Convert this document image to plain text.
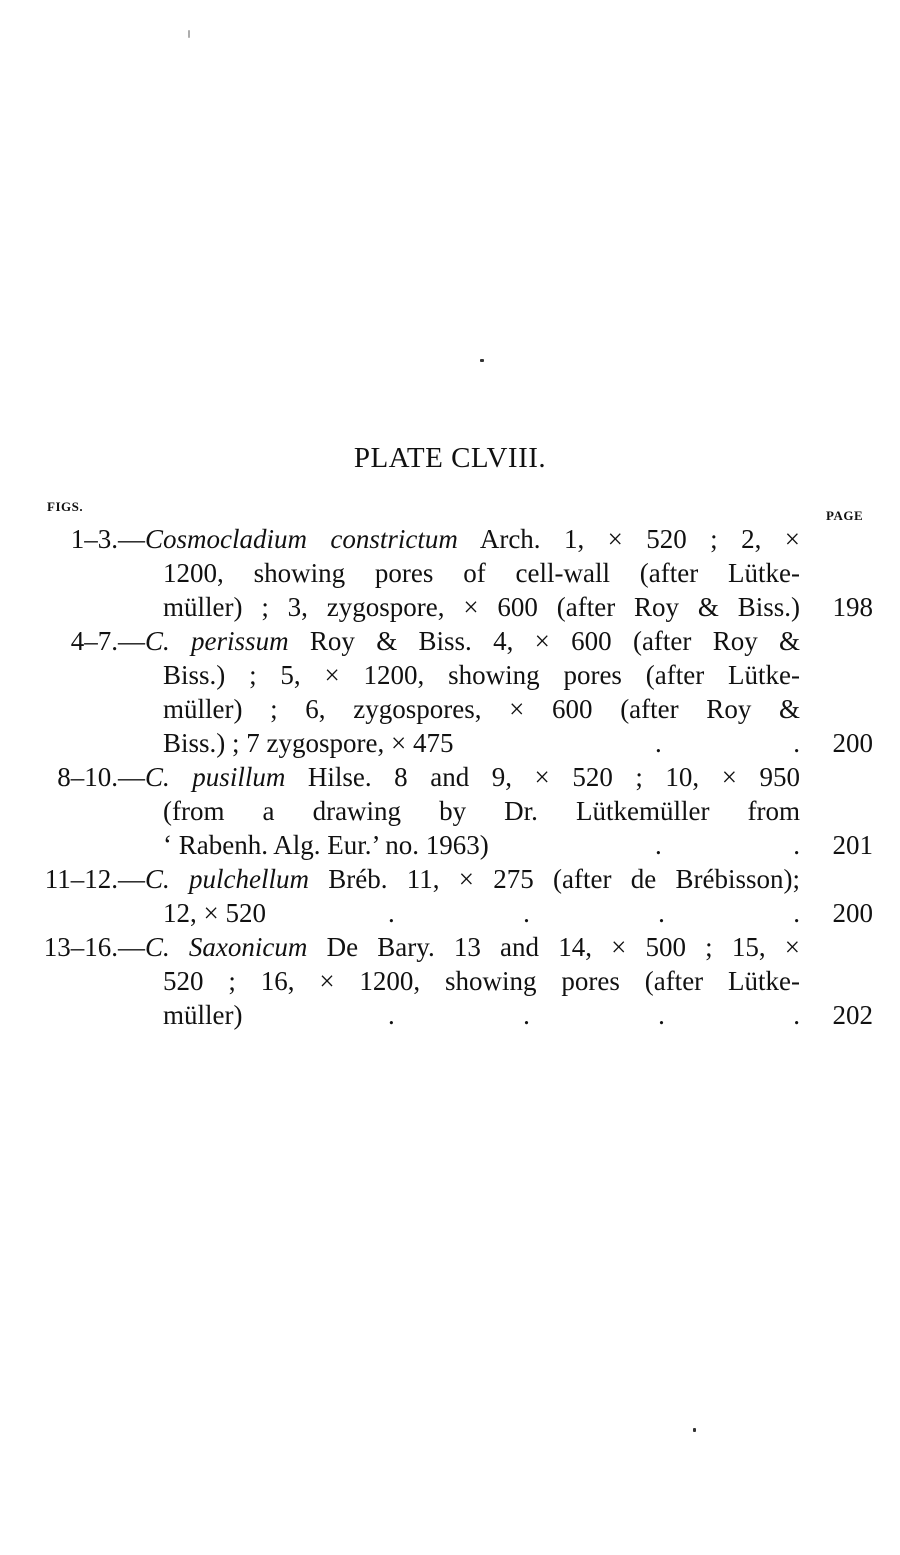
PLATE CLVIII.
FIGS.
PAGE
1–3.— Cosmocladium constrictum Arch. 1, × 520 ; 2, ×
1200, showing pores of cell-wall (after Lütke-
müller) ; 3, zygospore, × 600 (after Roy & Biss.) 198
4–7.— C. perissum Roy & Biss. 4, × 600 (after Roy &
Biss.) ; 5, × 1200, showing pores (after Lütke-
müller) ; 6, zygospores, × 600 (after Roy &
Biss.) ; 7 zygospore, × 475	.	. 200
8–10.— C. pusillum Hilse. 8 and 9, × 520 ; 10, × 950
(from a drawing by Dr. Lütkemüller from
‘ Rabenh. Alg. Eur.’ no. 1963)	.	. 201
11–12.— C. pulchellum Bréb. 11, × 275 (after de Brébisson);
12, × 520	.	.	.	. 200
13–16.— C. Saxonicum De Bary. 13 and 14, × 500 ; 15, ×
520 ; 16, × 1200, showing pores (after Lütke-
müller)	.	.	.	. 202
